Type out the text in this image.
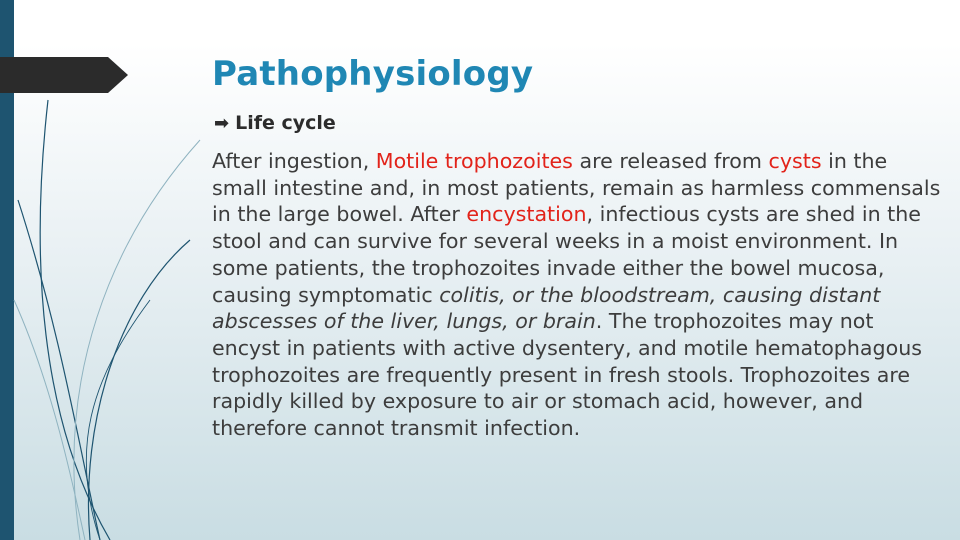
Pathophysiology
➡ Life cycle

After ingestion, Motile trophozoites are released from cysts in the small intestine and, in most patients, remain as harmless commensals in the large bowel. After encystation, infectious cysts are shed in the stool and can survive for several weeks in a moist environment. In some patients, the trophozoites invade either the bowel mucosa, causing symptomatic colitis, or the bloodstream, causing distant abscesses of the liver, lungs, or brain. The trophozoites may not encyst in patients with active dysentery, and motile hematophagous trophozoites are frequently present in fresh stools. Trophozoites are rapidly killed by exposure to air or stomach acid, however, and therefore cannot transmit infection.
